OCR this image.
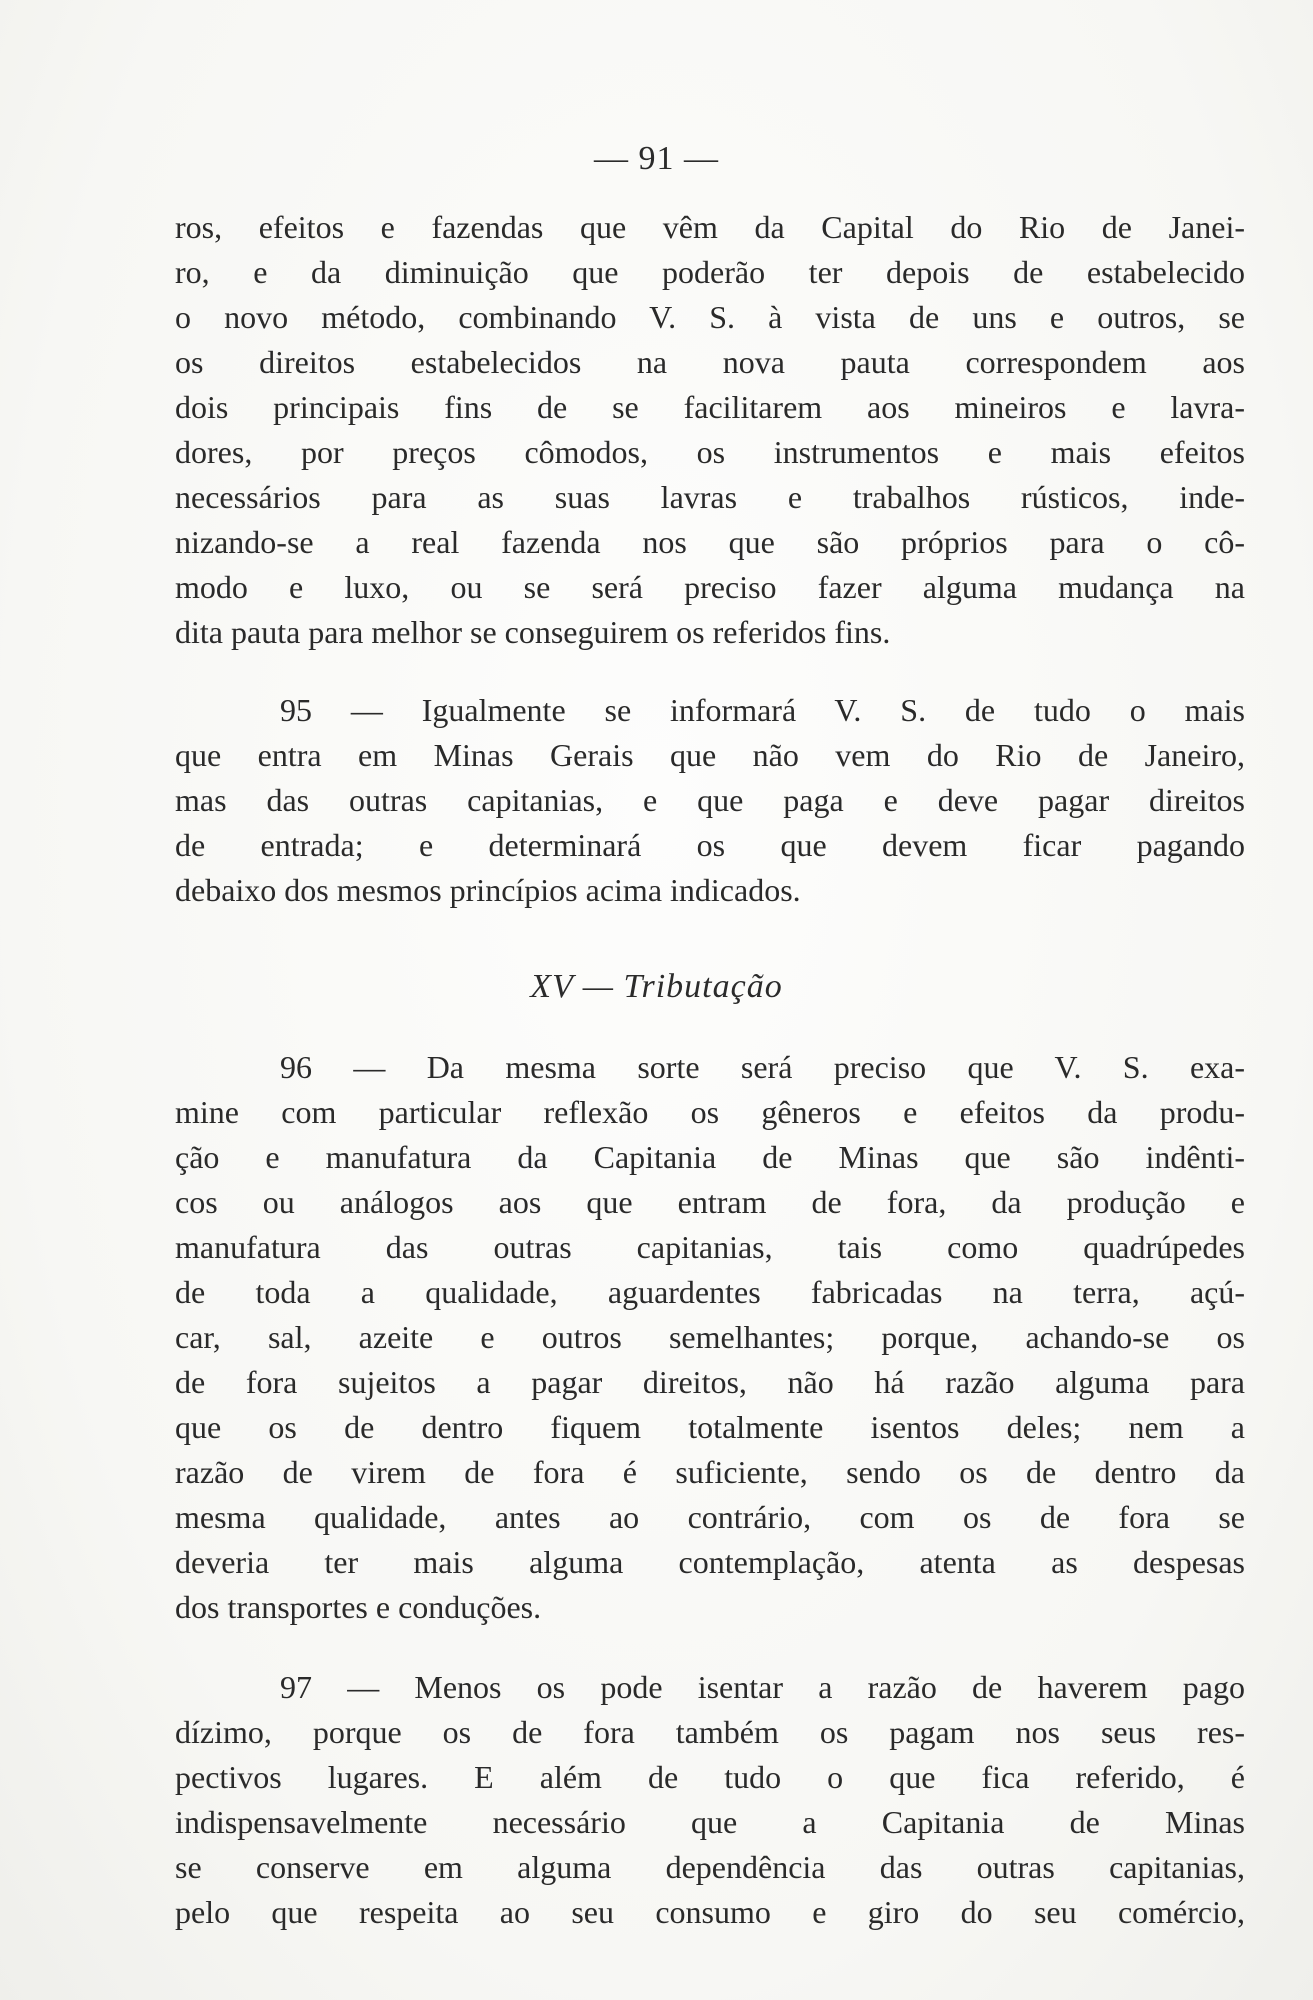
— 91 —
ros, efeitos e fazendas que vêm da Capital do Rio de Janei-
ro, e da diminuição que poderão ter depois de estabelecido
o novo método, combinando V. S. à vista de uns e outros, se
os direitos estabelecidos na nova pauta correspondem aos
dois principais fins de se facilitarem aos mineiros e lavra-
dores, por preços cômodos, os instrumentos e mais efeitos
necessários para as suas lavras e trabalhos rústicos, inde-
nizando-se a real fazenda nos que são próprios para o cô-
modo e luxo, ou se será preciso fazer alguma mudança na
dita pauta para melhor se conseguirem os referidos fins.
95 — Igualmente se informará V. S. de tudo o mais
que entra em Minas Gerais que não vem do Rio de Janeiro,
mas das outras capitanias, e que paga e deve pagar direitos
de entrada; e determinará os que devem ficar pagando
debaixo dos mesmos princípios acima indicados.
XV — Tributação
96 — Da mesma sorte será preciso que V. S. exa-
mine com particular reflexão os gêneros e efeitos da produ-
ção e manufatura da Capitania de Minas que são indênti-
cos ou análogos aos que entram de fora, da produção e
manufatura das outras capitanias, tais como quadrúpedes
de toda a qualidade, aguardentes fabricadas na terra, açú-
car, sal, azeite e outros semelhantes; porque, achando-se os
de fora sujeitos a pagar direitos, não há razão alguma para
que os de dentro fiquem totalmente isentos deles; nem a
razão de virem de fora é suficiente, sendo os de dentro da
mesma qualidade, antes ao contrário, com os de fora se
deveria ter mais alguma contemplação, atenta as despesas
dos transportes e conduções.
97 — Menos os pode isentar a razão de haverem pago
dízimo, porque os de fora também os pagam nos seus res-
pectivos lugares. E além de tudo o que fica referido, é
indispensavelmente necessário que a Capitania de Minas
se conserve em alguma dependência das outras capitanias,
pelo que respeita ao seu consumo e giro do seu comércio,
